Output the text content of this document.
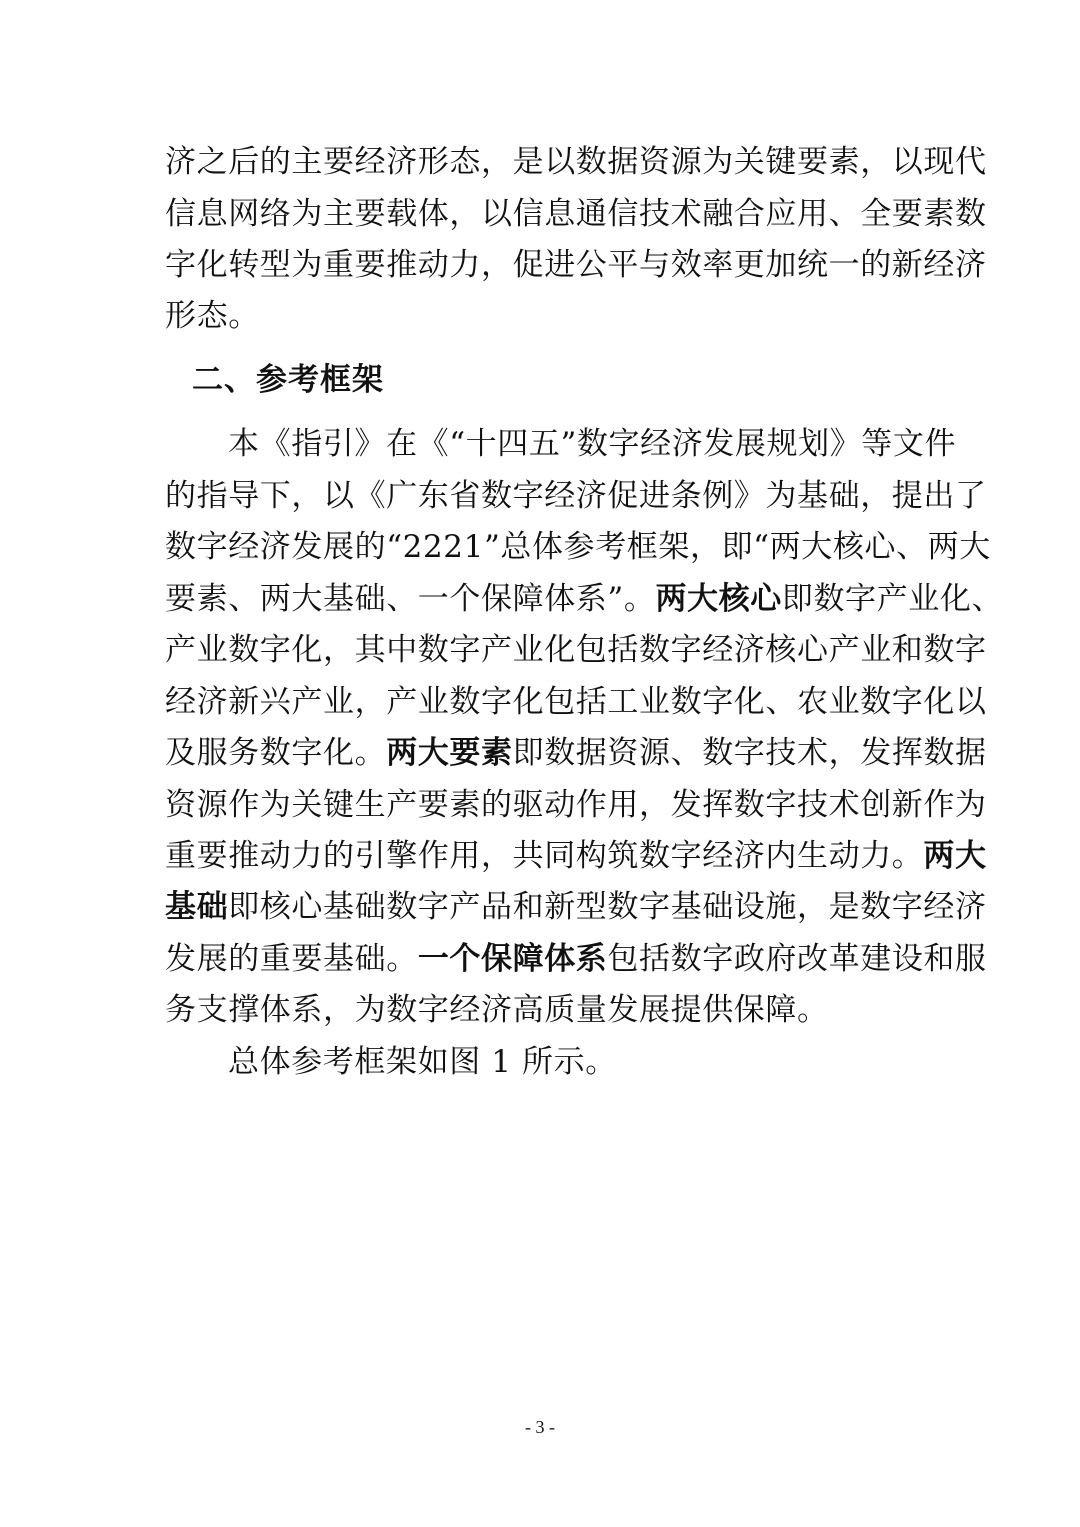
济之后的主要经济形态，是以数据资源为关键要素，以现代
信息网络为主要载体，以信息通信技术融合应用、全要素数
字化转型为重要推动力，促进公平与效率更加统一的新经济
形态。
二、参考框架
本《指引》在《“十四五”数字经济发展规划》等文件
的指导下，以《广东省数字经济促进条例》为基础，提出了
数字经济发展的“2221”总体参考框架，即“两大核心、两大
要素、两大基础、一个保障体系”。两大核心即数字产业化、
产业数字化，其中数字产业化包括数字经济核心产业和数字
经济新兴产业，产业数字化包括工业数字化、农业数字化以
及服务数字化。两大要素即数据资源、数字技术，发挥数据
资源作为关键生产要素的驱动作用，发挥数字技术创新作为
重要推动力的引擎作用，共同构筑数字经济内生动力。两大
基础即核心基础数字产品和新型数字基础设施，是数字经济
发展的重要基础。一个保障体系包括数字政府改革建设和服
务支撑体系，为数字经济高质量发展提供保障。
总体参考框架如图 1 所示。
- 3 -
